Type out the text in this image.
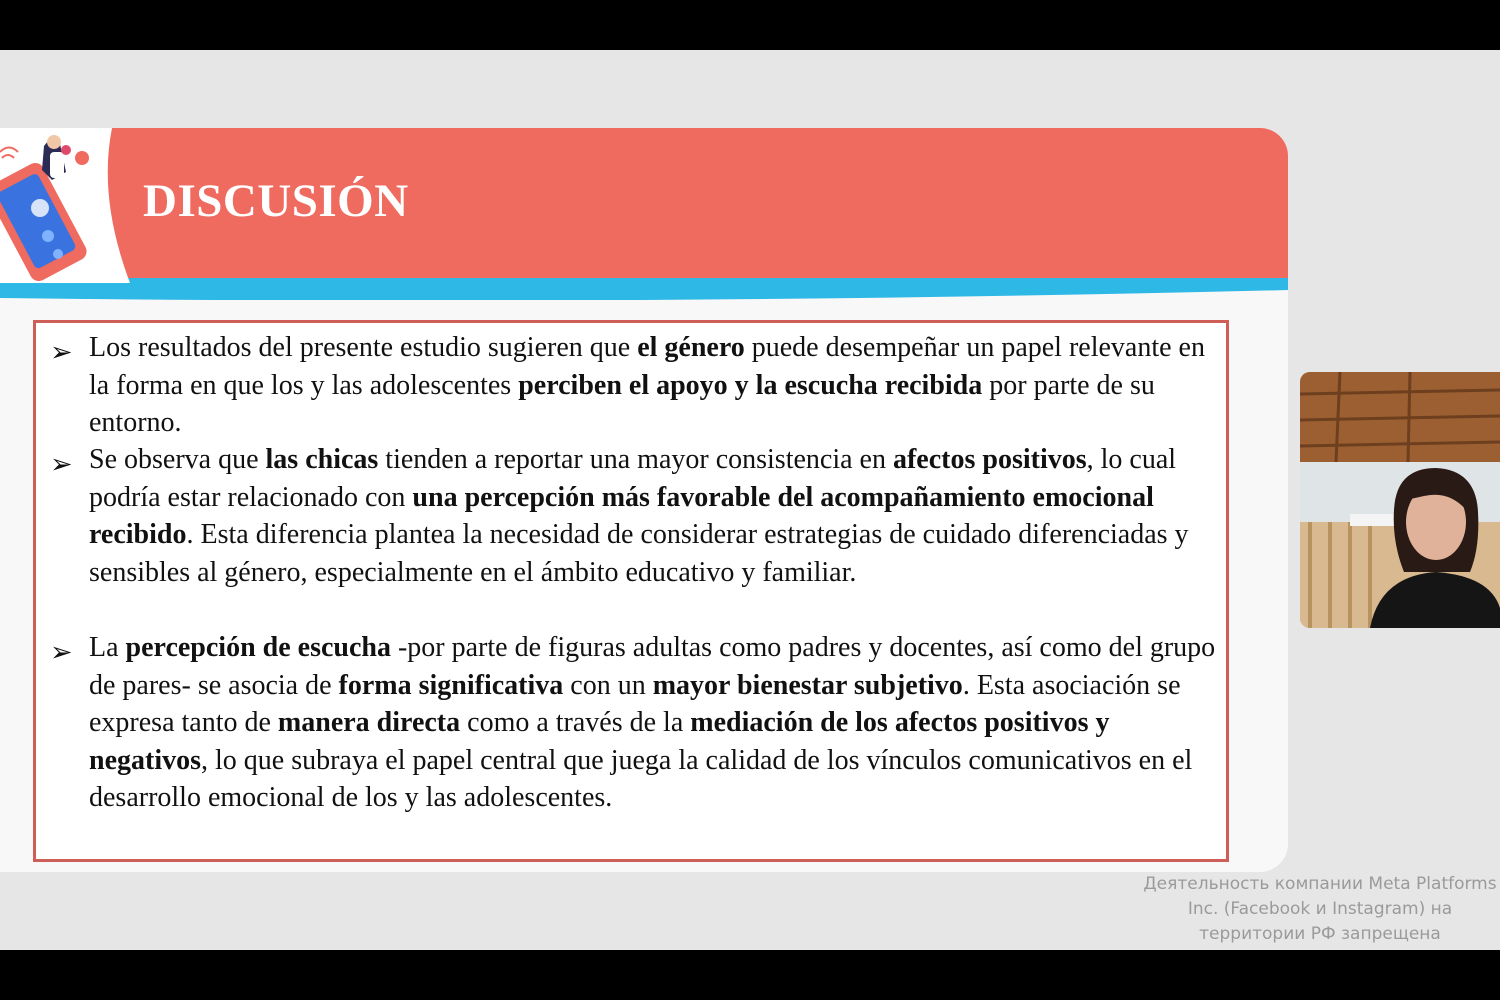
DISCUSIÓN
➢ Los resultados del presente estudio sugieren que el género puede desempeñar un papel relevante en la forma en que los y las adolescentes perciben el apoyo y la escucha recibida por parte de su entorno.

➢ Se observa que las chicas tienden a reportar una mayor consistencia en afectos positivos, lo cual podría estar relacionado con una percepción más favorable del acompañamiento emocional recibido. Esta diferencia plantea la necesidad de considerar estrategias de cuidado diferenciadas y sensibles al género, especialmente en el ámbito educativo y familiar.

➢ La percepción de escucha -por parte de figuras adultas como padres y docentes, así como del grupo de pares- se asocia de forma significativa con un mayor bienestar subjetivo. Esta asociación se expresa tanto de manera directa como a través de la mediación de los afectos positivos y negativos, lo que subraya el papel central que juega la calidad de los vínculos comunicativos en el desarrollo emocional de los y las adolescentes.

Деятельность компании Meta Platforms
Inc. (Facebook и Instagram) на
территории РФ запрещена
